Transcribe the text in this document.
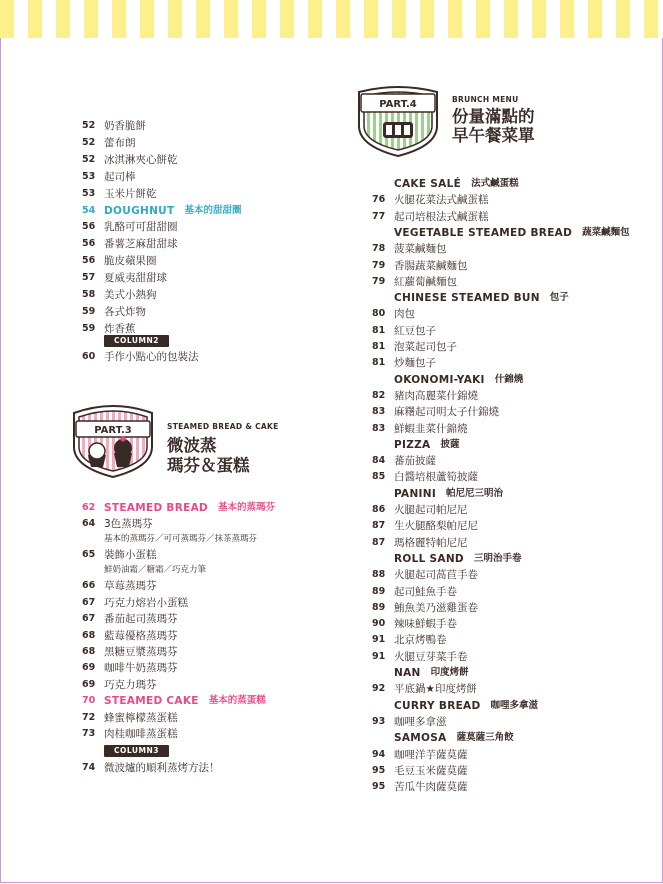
PART.4	BRUNCH MENU
份量滿點的
早午餐菜單
PART.3	STEAMED BREAD & CAKE
微波蒸
瑪芬＆蛋糕
52 奶香脆餅
52 蕾布朗
52 冰淇淋夾心餅乾
53 起司棒
53 玉米片餅乾
54 DOUGHNUT 基本的甜甜圈
56 乳酪可可甜甜圈
56 番薯芝麻甜甜球
56 脆皮蘋果圈
57 夏威夷甜甜球
58 美式小熱狗
59 各式炸物
59 炸香蕉
COLUMN2
60 手作小點心的包裝法
62 STEAMED BREAD 基本的蒸瑪芬
64 3色蒸瑪芬
基本的蒸瑪芬／可可蒸瑪芬／抹茶蒸瑪芬
65 裝飾小蛋糕
鮮奶油霜／糖霜／巧克力筆
66 草莓蒸瑪芬
67 巧克力熔岩小蛋糕
67 番茄起司蒸瑪芬
68 藍莓優格蒸瑪芬
68 黑糖豆漿蒸瑪芬
69 咖啡牛奶蒸瑪芬
69 巧克力瑪芬
70 STEAMED CAKE 基本的蒸蛋糕
72 蜂蜜檸檬蒸蛋糕
73 肉桂咖啡蒸蛋糕
COLUMN3
74 微波爐的順利蒸烤方法！
CAKE SALÉ 法式鹹蛋糕
76 火腿花菜法式鹹蛋糕
77 起司培根法式鹹蛋糕
VEGETABLE STEAMED BREAD 蔬菜鹹麵包
78 菠菜鹹麵包
79 香腸蔬菜鹹麵包
79 紅蘿蔔鹹麵包
CHINESE STEAMED BUN 包子
80 肉包
81 紅豆包子
81 泡菜起司包子
81 炒麵包子
OKONOMI-YAKI 什錦燒
82 豬肉高麗菜什錦燒
83 麻糬起司明太子什錦燒
83 鮮蝦韭菜什錦燒
PIZZA 披薩
84 蕃茄披薩
85 白醬培根蘆筍披薩
PANINI 帕尼尼三明治
86 火腿起司帕尼尼
87 生火腿酪梨帕尼尼
87 瑪格麗特帕尼尼
ROLL SAND 三明治手卷
88 火腿起司萵苣手卷
89 起司鮭魚手卷
89 鮪魚美乃滋雞蛋卷
90 辣味鮮蝦手卷
91 北京烤鴨卷
91 火腿豆芽菜手卷
NAN 印度烤餅
92 平底鍋★印度烤餅
CURRY BREAD 咖哩多拿滋
93 咖哩多拿滋
SAMOSA 薩莫薩三角餃
94 咖哩洋芋薩莫薩
95 毛豆玉米薩莫薩
95 苦瓜牛肉薩莫薩
